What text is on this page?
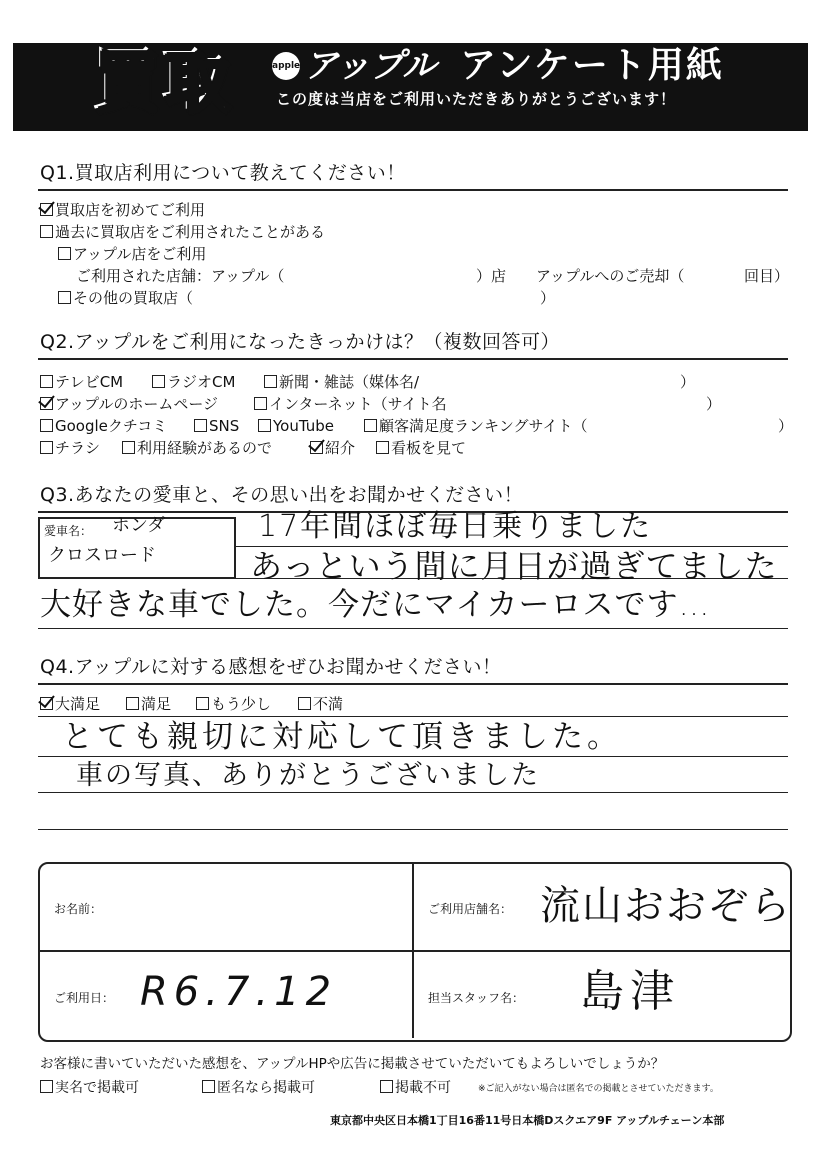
買取	apple アップル アンケート用紙
この度は当店をご利用いただきありがとうございます！
Q1.買取店利用について教えてください！
買取店を初めてご利用
過去に買取店をご利用されたことがある
アップル店をご利用
ご利用された店舗：アップル（	）店 アップルへのご売却（	回目）
その他の買取店（	）
Q2.アップルをご利用になったきっかけは？（複数回答可）
テレビCM	ラジオCM	新聞・雑誌（媒体名/	）
アップルのホームページ	インターネット（サイト名	）
Googleクチコミ	SNS	YouTube	顧客満足度ランキングサイト（	）
チラシ	利用経験があるので	紹介	看板を見て
Q3.あなたの愛車と、その思い出をお聞かせください！
愛車名： ホンダ
クロスロード
17年間ほぼ毎日乗りました
あっという間に月日が過ぎてました
大好きな車でした。今だにマイカーロスです…
Q4.アップルに対する感想をぜひお聞かせください！
大満足	満足	もう少し	不満
とても親切に対応して頂きました。
車の写真、ありがとうございました
お名前：	ご利用店舗名： 流山おおぞら
ご利用日： R6.7.12	担当スタッフ名： 島津
お客様に書いていただいた感想を、アップルHPや広告に掲載させていただいてもよろしいでしょうか？
実名で掲載可	匿名なら掲載可	掲載不可	※ご記入がない場合は匿名での掲載とさせていただきます。
東京都中央区日本橋1丁目16番11号日本橋Dスクエア9F アップルチェーン本部
